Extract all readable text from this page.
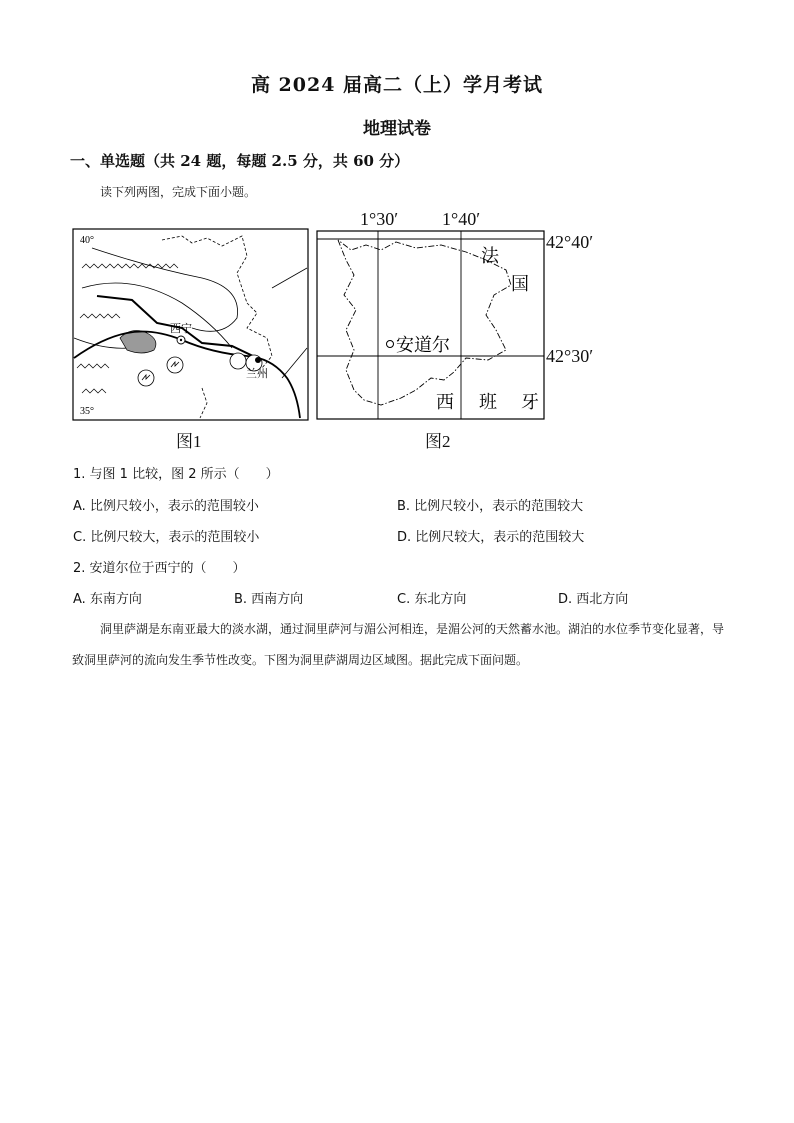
高 2024 届高二（上）学月考试
地理试卷
一、单选题（共 24 题，每题 2.5 分，共 60 分）
读下列两图，完成下面小题。
西宁
兰州
40°
35°
图1
1°30′ 1°40′
42°40′
42°30′
安道尔
法
国
西 班 牙
图2
1. 与图 1 比较，图 2 所示（　　）
A. 比例尺较小，表示的范围较小	B. 比例尺较小，表示的范围较大
C. 比例尺较大，表示的范围较小	D. 比例尺较大，表示的范围较大
2. 安道尔位于西宁的（　　）
A. 东南方向	B. 西南方向	C. 东北方向	D. 西北方向
洞里萨湖是东南亚最大的淡水湖，通过洞里萨河与湄公河相连，是湄公河的天然蓄水池。湖泊的水位季节变化显著，导致洞里萨河的流向发生季节性改变。下图为洞里萨湖周边区域图。据此完成下面问题。
